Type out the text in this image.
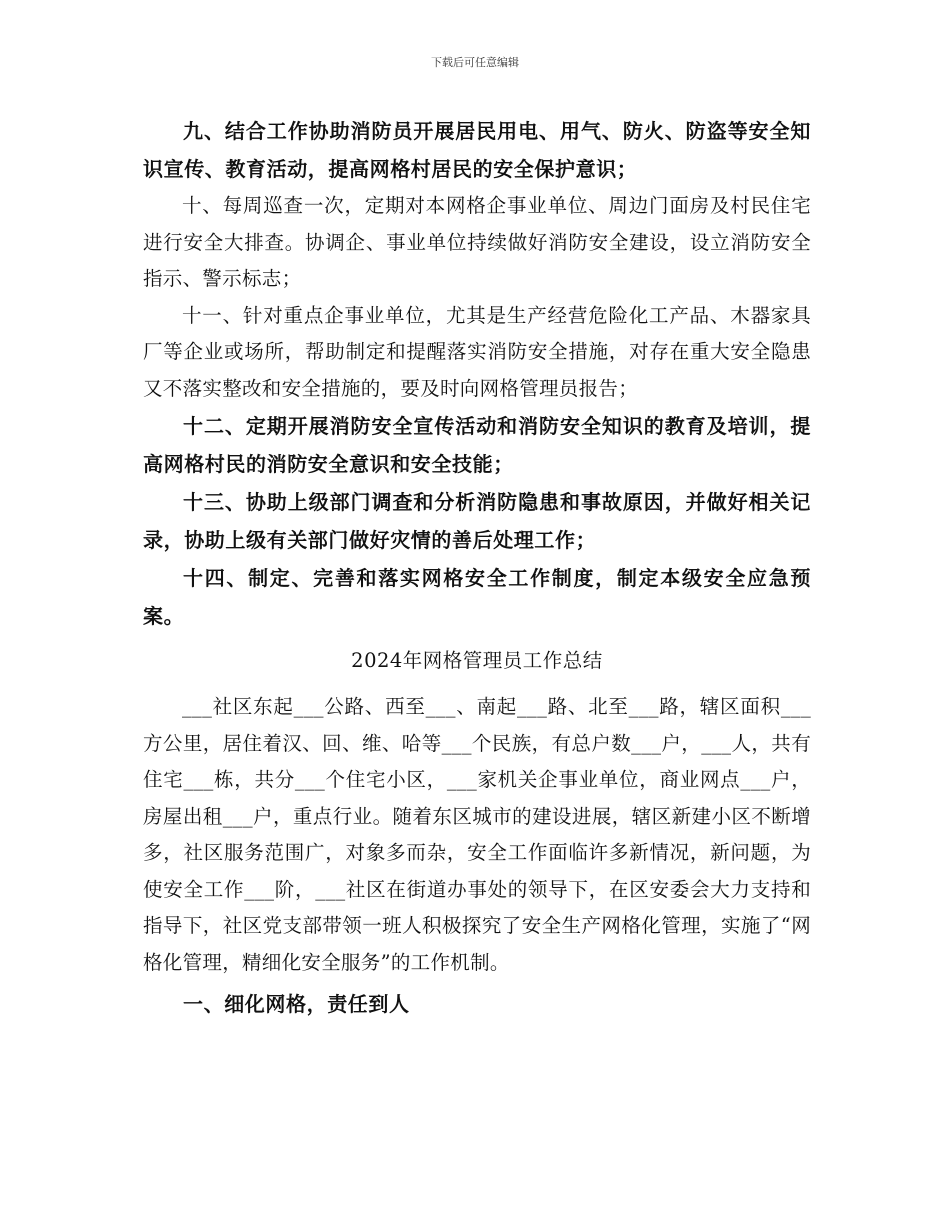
下载后可任意编辑

九、结合工作协助消防员开展居民用电、用气、防火、防盗等安全知识宣传、教育活动，提高网格村居民的安全保护意识；

十、每周巡查一次，定期对本网格企事业单位、周边门面房及村民住宅进行安全大排查。协调企、事业单位持续做好消防安全建设，设立消防安全指示、警示标志；

十一、针对重点企事业单位，尤其是生产经营危险化工产品、木器家具厂等企业或场所，帮助制定和提醒落实消防安全措施，对存在重大安全隐患又不落实整改和安全措施的，要及时向网格管理员报告；

十二、定期开展消防安全宣传活动和消防安全知识的教育及培训，提高网格村民的消防安全意识和安全技能；

十三、协助上级部门调查和分析消防隐患和事故原因，并做好相关记录，协助上级有关部门做好灾情的善后处理工作；

十四、制定、完善和落实网格安全工作制度，制定本级安全应急预案。

2024年网格管理员工作总结

___社区东起___公路、西至___、南起___路、北至___路，辖区面积___方公里，居住着汉、回、维、哈等___个民族，有总户数___户，___人，共有住宅___栋，共分___个住宅小区，___家机关企事业单位，商业网点___户，房屋出租___户，重点行业。随着东区城市的建设进展，辖区新建小区不断增多，社区服务范围广，对象多而杂，安全工作面临许多新情况，新问题，为使安全工作___阶，___社区在街道办事处的领导下，在区安委会大力支持和指导下，社区党支部带领一班人积极探究了安全生产网格化管理，实施了“网格化管理，精细化安全服务”的工作机制。

一、细化网格，责任到人
